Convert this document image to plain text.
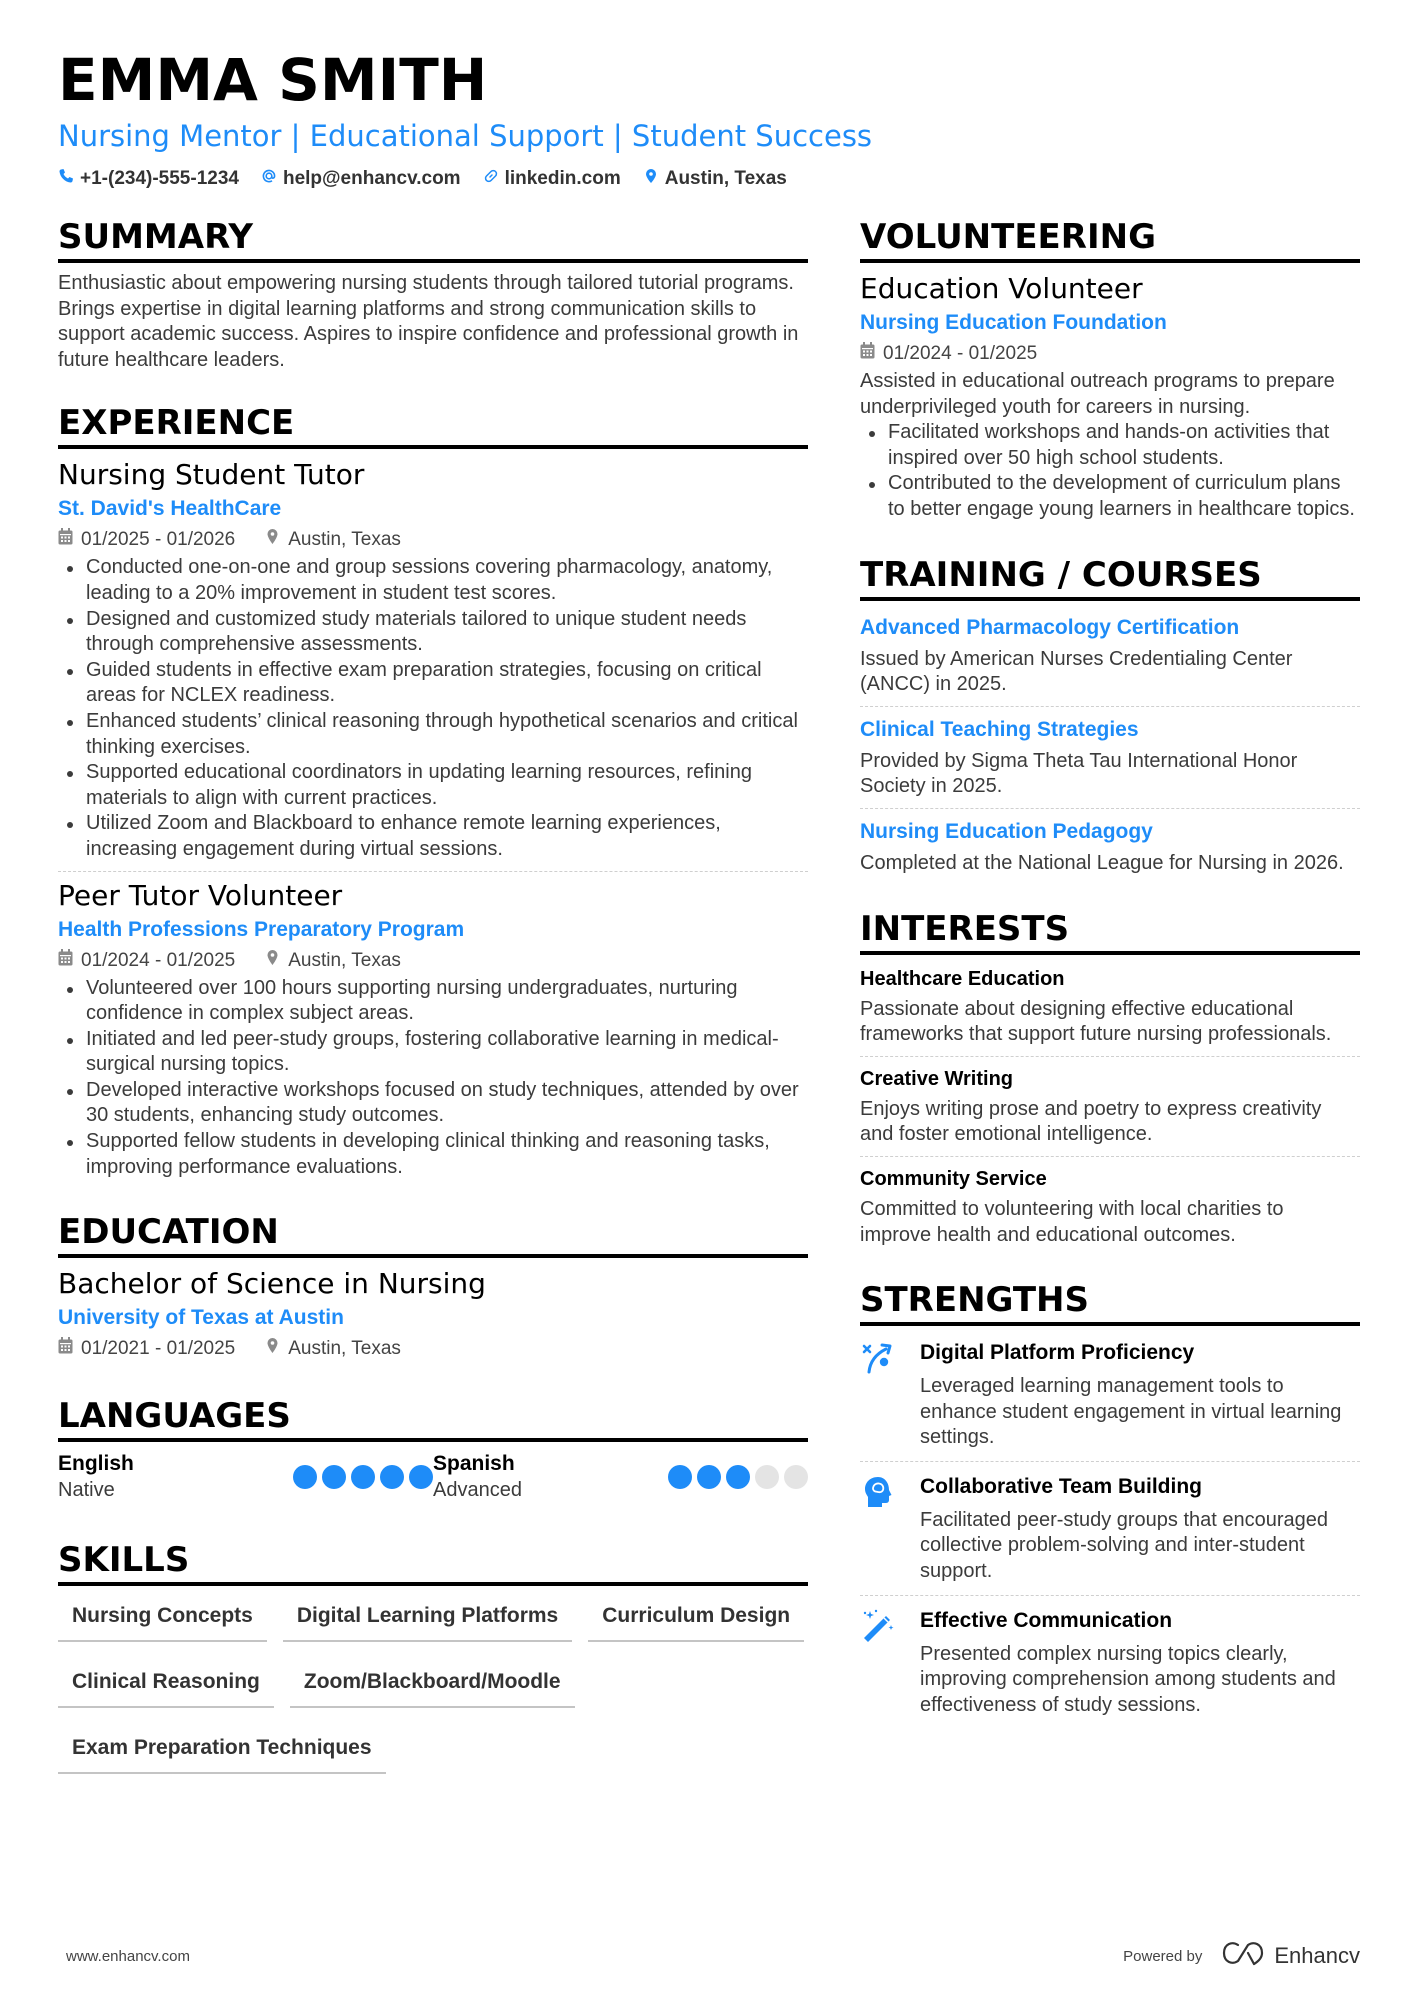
EMMA SMITH
Nursing Mentor | Educational Support | Student Success
+1-(234)-555-1234 help@enhancv.com linkedin.com Austin, Texas
SUMMARY
Enthusiastic about empowering nursing students through tailored tutorial programs. Brings expertise in digital learning platforms and strong communication skills to support academic success. Aspires to inspire confidence and professional growth in future healthcare leaders.
EXPERIENCE
Nursing Student Tutor
St. David's HealthCare
01/2025 - 01/2026	Austin, Texas
Conducted one-on-one and group sessions covering pharmacology, anatomy, leading to a 20% improvement in student test scores.
Designed and customized study materials tailored to unique student needs through comprehensive assessments.
Guided students in effective exam preparation strategies, focusing on critical areas for NCLEX readiness.
Enhanced students’ clinical reasoning through hypothetical scenarios and critical thinking exercises.
Supported educational coordinators in updating learning resources, refining materials to align with current practices.
Utilized Zoom and Blackboard to enhance remote learning experiences, increasing engagement during virtual sessions.
Peer Tutor Volunteer
Health Professions Preparatory Program
01/2024 - 01/2025	Austin, Texas
Volunteered over 100 hours supporting nursing undergraduates, nurturing confidence in complex subject areas.
Initiated and led peer-study groups, fostering collaborative learning in medical-surgical nursing topics.
Developed interactive workshops focused on study techniques, attended by over 30 students, enhancing study outcomes.
Supported fellow students in developing clinical thinking and reasoning tasks, improving performance evaluations.
EDUCATION
Bachelor of Science in Nursing
University of Texas at Austin
01/2021 - 01/2025	Austin, Texas
LANGUAGES
English
Native
Spanish
Advanced
SKILLS
Nursing Concepts	Digital Learning Platforms	Curriculum Design
Clinical Reasoning	Zoom/Blackboard/Moodle
Exam Preparation Techniques
VOLUNTEERING
Education Volunteer
Nursing Education Foundation
01/2024 - 01/2025
Assisted in educational outreach programs to prepare underprivileged youth for careers in nursing.
Facilitated workshops and hands-on activities that inspired over 50 high school students.
Contributed to the development of curriculum plans to better engage young learners in healthcare topics.
TRAINING / COURSES
Advanced Pharmacology Certification
Issued by American Nurses Credentialing Center (ANCC) in 2025.
Clinical Teaching Strategies
Provided by Sigma Theta Tau International Honor Society in 2025.
Nursing Education Pedagogy
Completed at the National League for Nursing in 2026.
INTERESTS
Healthcare Education
Passionate about designing effective educational frameworks that support future nursing professionals.
Creative Writing
Enjoys writing prose and poetry to express creativity and foster emotional intelligence.
Community Service
Committed to volunteering with local charities to improve health and educational outcomes.
STRENGTHS
Digital Platform Proficiency
Leveraged learning management tools to enhance student engagement in virtual learning settings.
Collaborative Team Building
Facilitated peer-study groups that encouraged collective problem-solving and inter-student support.
Effective Communication
Presented complex nursing topics clearly, improving comprehension among students and effectiveness of study sessions.
www.enhancv.com	Powered by	Enhancv
